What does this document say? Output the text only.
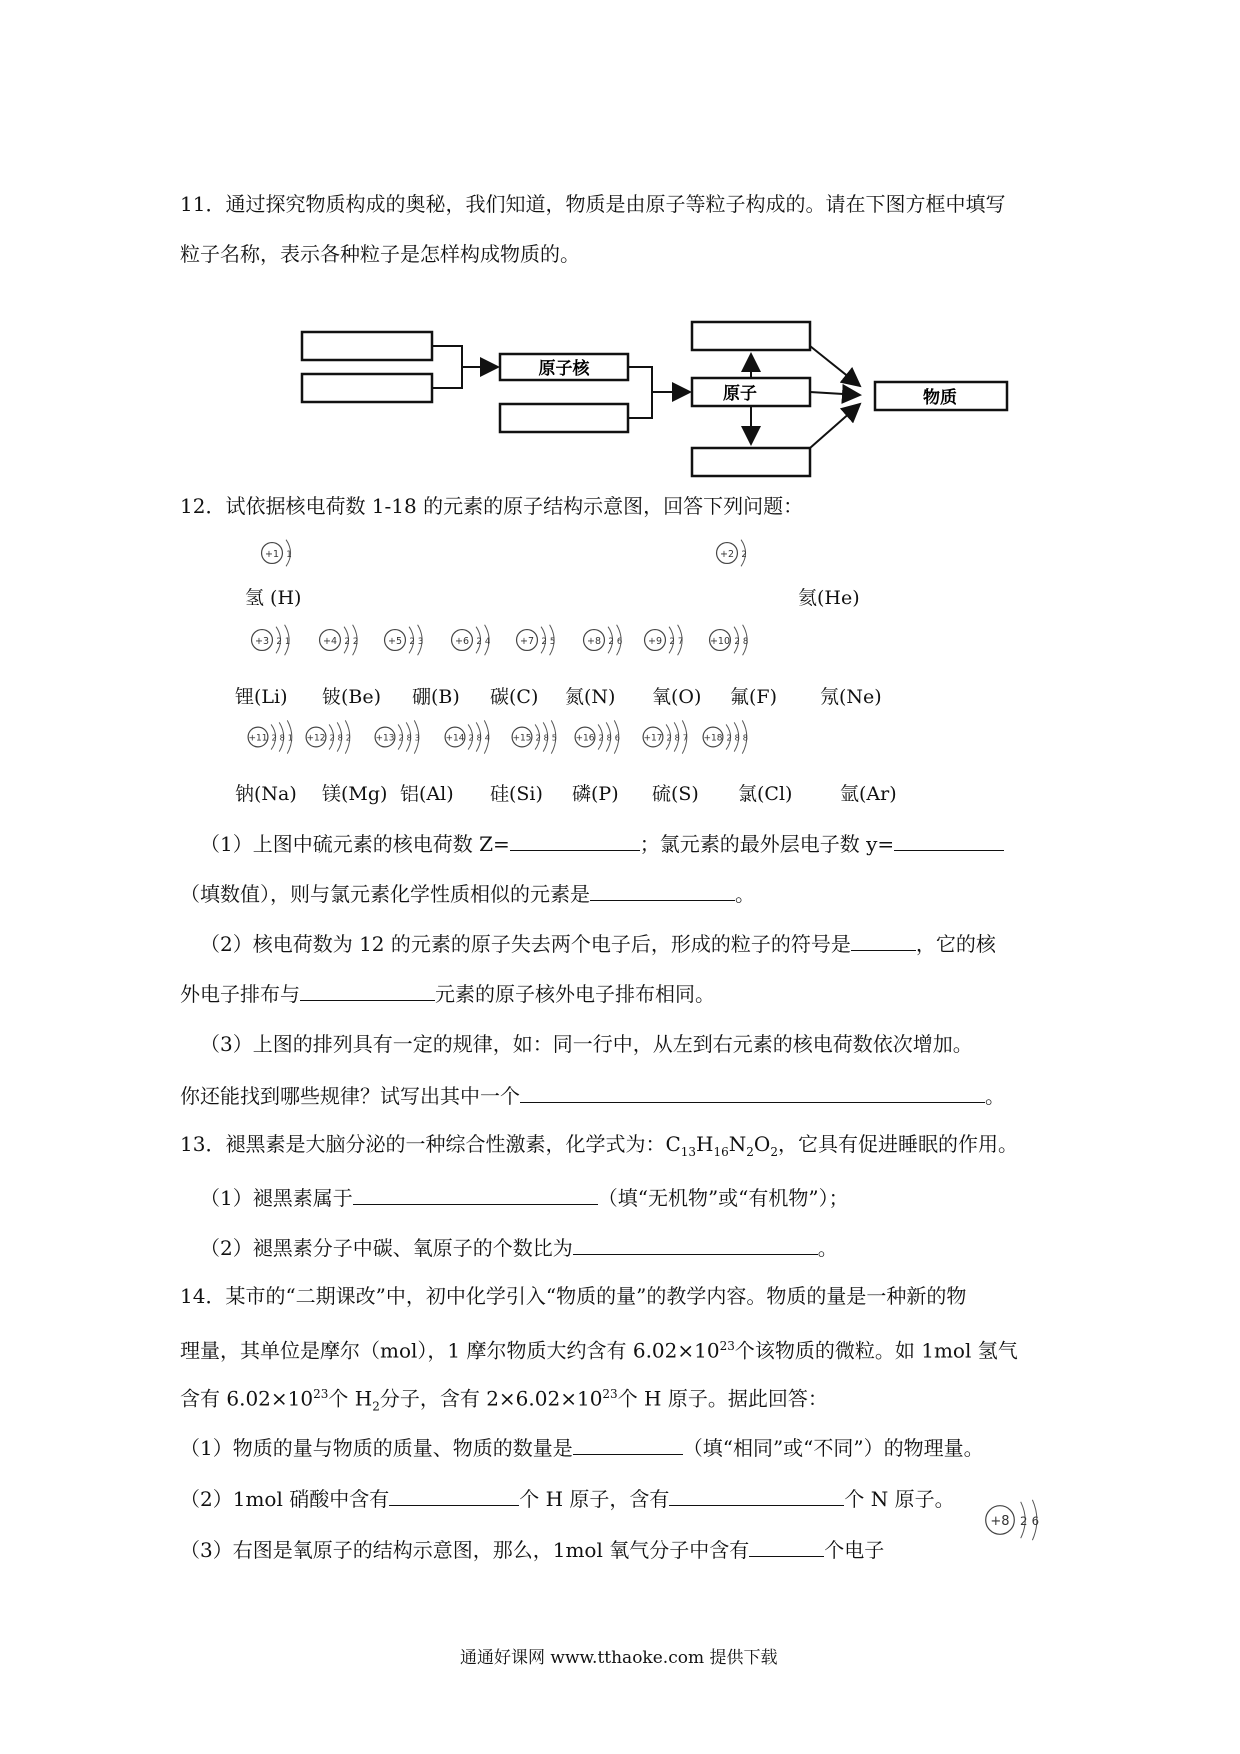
11．通过探究物质构成的奥秘，我们知道，物质是由原子等粒子构成的。请在下图方框中填写
粒子名称，表示各种粒子是怎样构成物质的。
原子核
原子	物质
12．试依据核电荷数 1-18 的元素的原子结构示意图，回答下列问题：
+1 1	+2 2
+3 2 1	+4 2 2	+5 2 3	+6 2 4	+7 2 5	+8 2 6	+9 2 7	+10 2 8
+11 2 8 1 +12 2 8 2	+13 2 8 3	+14 2 8 4	+15 2 8 5 +16 2 8 6	+17 2 8 7 +18 2 8 8
+8 2 6
氢 (H)	氦(He)
锂(Li) 铍(Be) 硼(B) 碳(C) 氮(N) 氧(O) 氟(F) 氖(Ne)
钠(Na) 镁(Mg) 铝(Al) 硅(Si) 磷(P) 硫(S) 氯(Cl)	氩(Ar)
（1）上图中硫元素的核电荷数 Z=	；氯元素的最外层电子数 y=
（填数值），则与氯元素化学性质相似的元素是	。
（2）核电荷数为 12 的元素的原子失去两个电子后，形成的粒子的符号是	，它的核
外电子排布与	元素的原子核外电子排布相同。
（3）上图的排列具有一定的规律，如：同一行中，从左到右元素的核电荷数依次增加。
你还能找到哪些规律？试写出其中一个	。
13．褪黑素是大脑分泌的一种综合性激素，化学式为：$C_{13}H_{16}N_2O_2$，它具有促进睡眠的作用。
（1）褪黑素属于	（填“无机物”或“有机物”）；
（2）褪黑素分子中碳、氧原子的个数比为	。
14．某市的“二期课改”中，初中化学引入“物质的量”的教学内容。物质的量是一种新的物
理量，其单位是摩尔（mol），1 摩尔物质大约含有 $6.02\times 10^{23}$个该物质的微粒。如 1mol 氢气
含有 $6.02\times 10^{23}$个 $H_2$分子，含有 $2\times 6.02\times 10^{23}$个 H 原子。据此回答：
（1）物质的量与物质的质量、物质的数量是	（填“相同”或“不同”）的物理量。
（2）1mol 硝酸中含有	个 H 原子，含有	个 N 原子。
（3）右图是氧原子的结构示意图，那么，1mol 氧气分子中含有	个电子
通通好课网 www.tthaoke.com 提供下载
